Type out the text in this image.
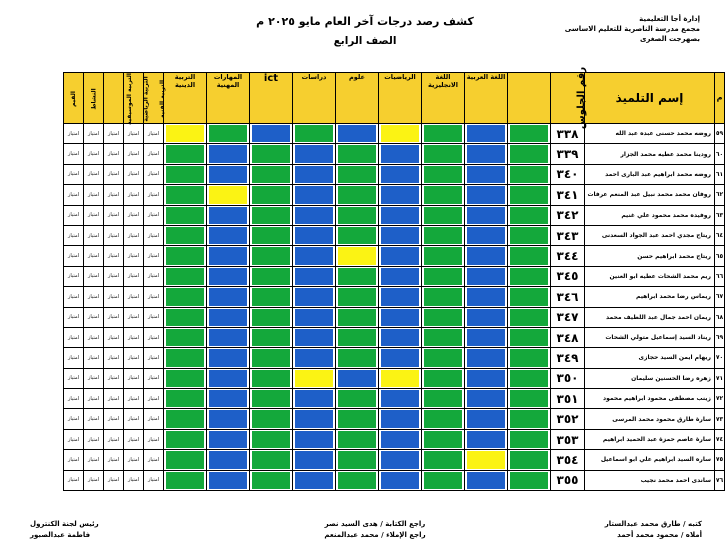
إدارة أجا التعليمية
مجمع مدرسة الناصرية للتعليم الاساسى
بصهرجت الصغرى
كشف رصد درجات آخر العام مايو ٢٠٢٥ م
الصف الرابع
القيم	النشاط	التربية الموسيقية	التربية الرياضية	التربية الفنية	التربية الدينية	المهارات المهنية	ict	دراسات	علوم	الرياضيات	اللغة الانجليزية	اللغة العربية		رقم الجلوس	إسم التلميذ	م
امتياز	امتياز	امتياز	امتياز	امتياز										٣٣٨	روضه محمد حسنى عبده عبد الله	٥٩
امتياز	امتياز	امتياز	امتياز	امتياز										٣٣٩	رودينا محمد عطيه محمد الجزار	٦٠
امتياز	امتياز	امتياز	امتياز	امتياز										٣٤٠	روضه محمد ابراهيم عبد البارى احمد	٦١
امتياز	امتياز	امتياز	امتياز	امتياز										٣٤١	روفان محمد محمد نبيل عبد المنعم عرفات	٦٢
امتياز	امتياز	امتياز	امتياز	امتياز										٣٤٢	روفيده محمد محمود علي غنيم	٦٣
امتياز	امتياز	امتياز	امتياز	امتياز										٣٤٣	ريتاج مجدي احمد عبد الجواد السعدنى	٦٤
امتياز	امتياز	امتياز	امتياز	امتياز										٣٤٤	ريتاج محمد ابراهيم حسن	٦٥
امتياز	امتياز	امتياز	امتياز	امتياز										٣٤٥	ريم محمد الشحات عطيه ابو العنين	٦٦
امتياز	امتياز	امتياز	امتياز	امتياز										٣٤٦	ريماس رضا محمد ابراهيم	٦٧
امتياز	امتياز	امتياز	امتياز	امتياز										٣٤٧	ريمان احمد جمال عبد اللطيف محمد	٦٨
امتياز	امتياز	امتياز	امتياز	امتياز										٣٤٨	ريناد السيد إسماعيل متولي الشحات	٦٩
امتياز	امتياز	امتياز	امتياز	امتياز										٣٤٩	ريهام ايمن السيد حجازى	٧٠
امتياز	امتياز	امتياز	امتياز	امتياز										٣٥٠	زهره رضا الحسنين سليمان	٧١
امتياز	امتياز	امتياز	امتياز	امتياز										٣٥١	زينب مصطفى محمود ابراهيم محمود	٧٢
امتياز	امتياز	امتياز	امتياز	امتياز										٣٥٢	سارة طارق محمود محمد المرسى	٧٣
امتياز	امتياز	امتياز	امتياز	امتياز										٣٥٣	سارة عاصم حمزة عبد الحميد ابراهيم	٧٤
امتياز	امتياز	امتياز	امتياز	امتياز										٣٥٤	ساره السيد ابراهيم علي ابو اسماعيل	٧٥
امتياز	امتياز	امتياز	امتياز	امتياز										٣٥٥	ساندى احمد محمد نجيب	٧٦
كتبه / طارق محمد عبدالستار
أملاه / محمود محمد أحمد
راجع الكتابة / هدى السيد نصر
راجع الإملاء / محمد عبدالمنعم
رئيس لجنة الكنترول
فاطمة عبدالصبور
